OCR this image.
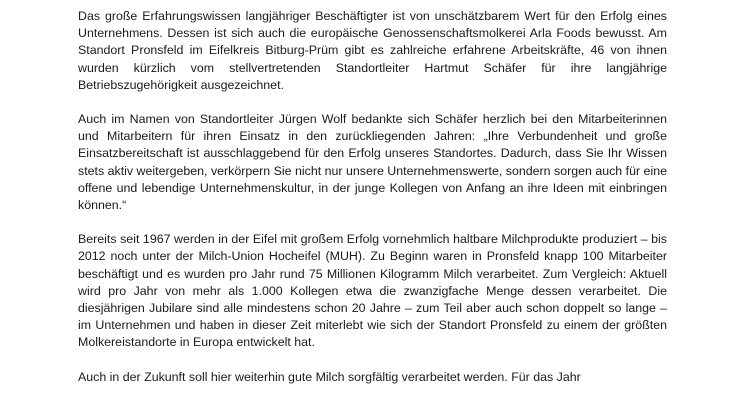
Das große Erfahrungswissen langjähriger Beschäftigter ist von unschätzbarem Wert für den Erfolg eines Unternehmens. Dessen ist sich auch die europäische Genossenschaftsmolkerei Arla Foods bewusst. Am Standort Pronsfeld im Eifelkreis Bitburg-Prüm gibt es zahlreiche erfahrene Arbeitskräfte, 46 von ihnen wurden kürzlich vom stellvertretenden Standortleiter Hartmut Schäfer für ihre langjährige Betriebszugehörigkeit ausgezeichnet.

Auch im Namen von Standortleiter Jürgen Wolf bedankte sich Schäfer herzlich bei den Mitarbeiterinnen und Mitarbeitern für ihren Einsatz in den zurückliegenden Jahren: „Ihre Verbundenheit und große Einsatzbereitschaft ist ausschlaggebend für den Erfolg unseres Standortes. Dadurch, dass Sie Ihr Wissen stets aktiv weitergeben, verkörpern Sie nicht nur unsere Unternehmenswerte, sondern sorgen auch für eine offene und lebendige Unternehmenskultur, in der junge Kollegen von Anfang an ihre Ideen mit einbringen können.“

Bereits seit 1967 werden in der Eifel mit großem Erfolg vornehmlich haltbare Milchprodukte produziert – bis 2012 noch unter der Milch-Union Hocheifel (MUH). Zu Beginn waren in Pronsfeld knapp 100 Mitarbeiter beschäftigt und es wurden pro Jahr rund 75 Millionen Kilogramm Milch verarbeitet. Zum Vergleich: Aktuell wird pro Jahr von mehr als 1.000 Kollegen etwa die zwanzigfache Menge dessen verarbeitet. Die diesjährigen Jubilare sind alle mindestens schon 20 Jahre – zum Teil aber auch schon doppelt so lange – im Unternehmen und haben in dieser Zeit miterlebt wie sich der Standort Pronsfeld zu einem der größten Molkereistandorte in Europa entwickelt hat.

Auch in der Zukunft soll hier weiterhin gute Milch sorgfältig verarbeitet werden. Für das Jahr
